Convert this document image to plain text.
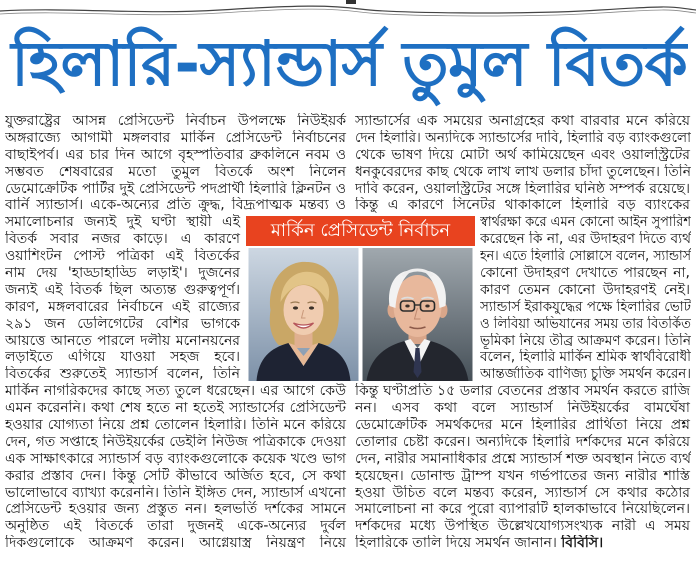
হিলারি-স্যান্ডার্স তুমুল বিতর্ক
যুক্তরাষ্ট্রের আসন্ন প্রেসিডেন্ট নির্বাচন উপলক্ষে নিউইয়র্ক
অঙ্গরাজ্যে আগামী মঙ্গলবার মার্কিন প্রেসিডেন্ট নির্বাচনের
বাছাইপর্ব। এর চার দিন আগে বৃহস্পতিবার ব্রুকলিনে নবম ও
সম্ভবত শেষবারের মতো তুমুল বিতর্কে অংশ নিলেন
ডেমোক্রেটিক পার্টির দুই প্রেসিডেন্ট পদপ্রার্থী হিলারি ক্লিনটন ও
বার্নি স্যান্ডার্স। একে-অন্যের প্রতি ক্রুদ্ধ, বিদ্রূপাত্মক মন্তব্য ও
সমালোচনার জন্যই দুই ঘণ্টা স্থায়ী এই
বিতর্ক সবার নজর কাড়ে। এ কারণে
ওয়াশিংটন পোস্ট পত্রিকা এই বিতর্কের
নাম দেয় 'হাড্ডাহাড্ডি লড়াই'। দুজনের
জন্যই এই বিতর্ক ছিল অত্যন্ত গুরুত্বপূর্ণ।
কারণ, মঙ্গলবারের নির্বাচনে এই রাজ্যের
২৯১ জন ডেলিগেটের বেশির ভাগকে
আয়ত্তে আনতে পারলে দলীয় মনোনয়নের
লড়াইতে এগিয়ে যাওয়া সহজ হবে।
বিতর্কের শুরুতেই স্যান্ডার্স বলেন, তিনি
মার্কিন নাগরিকদের কাছে সত্য তুলে ধরেছেন। এর আগে কেউ
এমন করেননি। কথা শেষ হতে না হতেই স্যান্ডার্সের প্রেসিডেন্ট
হওয়ার যোগ্যতা নিয়ে প্রশ্ন তোলেন হিলারি। তিনি মনে করিয়ে
দেন, গত সপ্তাহে নিউইয়র্কের ডেইলি নিউজ পত্রিকাকে দেওয়া
এক সাক্ষাৎকারে স্যান্ডার্স বড় ব্যাংকগুলোকে কয়েক খণ্ডে ভাগ
করার প্রস্তাব দেন। কিন্তু সেটি কীভাবে অর্জিত হবে, সে কথা
ভালোভাবে ব্যাখ্যা করেননি। তিনি ইঙ্গিত দেন, স্যান্ডার্স এখনো
প্রেসিডেন্ট হওয়ার জন্য প্রস্তুত নন। হলভর্তি দর্শকের সামনে
অনুষ্ঠিত এই বিতর্কে তারা দুজনই একে-অন্যের দুর্বল
দিকগুলোকে আক্রমণ করেন। আগ্নেয়াস্ত্র নিয়ন্ত্রণ নিয়ে
স্যান্ডার্সের এক সময়ের অনাগ্রহের কথা বারবার মনে করিয়ে
দেন হিলারি। অন্যদিকে স্যান্ডার্সের দাবি, হিলারি বড় ব্যাংকগুলো
থেকে ভাষণ দিয়ে মোটা অর্থ কামিয়েছেন এবং ওয়ালস্ট্রিটের
ধনকুবেরদের কাছ থেকে লাখ লাখ ডলার চাঁদা তুলেছেন। তিনি
দাবি করেন, ওয়ালস্ট্রিটের সঙ্গে হিলারির ঘনিষ্ঠ সম্পর্ক রয়েছে।
কিন্তু এ কারণে সিনেটর থাকাকালে হিলারি বড় ব্যাংকের
স্বার্থরক্ষা করে এমন কোনো আইন সুপারিশ
করেছেন কি না, এর উদাহরণ দিতে ব্যর্থ
হন। এতে হিলারি সোল্লাসে বলেন, স্যান্ডার্স
কোনো উদাহরণ দেখাতে পারছেন না,
কারণ তেমন কোনো উদাহরণই নেই।
স্যান্ডার্স ইরাকযুদ্ধের পক্ষে হিলারির ভোট
ও লিবিয়া অভিযানের সময় তার বিতর্কিত
ভূমিকা নিয়ে তীব্র আক্রমণ করেন। তিনি
বলেন, হিলারি মার্কিন শ্রমিক স্বার্থবিরোধী
আন্তর্জাতিক বাণিজ্য চুক্তি সমর্থন করেন।
কিন্তু ঘণ্টাপ্রতি ১৫ ডলার বেতনের প্রস্তাব সমর্থন করতে রাজি
নন। এসব কথা বলে স্যান্ডার্স নিউইয়র্কের বামঘেঁষা
ডেমোক্রেটিক সমর্থকদের মনে হিলারির প্রার্থিতা নিয়ে প্রশ্ন
তোলার চেষ্টা করেন। অন্যদিকে হিলারি দর্শকদের মনে করিয়ে
দেন, নারীর সমানাধিকার প্রশ্নে স্যান্ডার্স শক্ত অবস্থান নিতে ব্যর্থ
হয়েছেন। ডোনাল্ড ট্রাম্প যখন গর্ভপাতের জন্য নারীর শাস্তি
হওয়া উচিত বলে মন্তব্য করেন, স্যান্ডার্স সে কথার কঠোর
সমালোচনা না করে পুরো ব্যাপারটি হালকাভাবে নিয়েছিলেন।
দর্শকদের মধ্যে উপস্থিত উল্লেখযোগ্যসংখ্যক নারী এ সময়
হিলারিকে তালি দিয়ে সমর্থন জানান। বিবিসি।
মার্কিন প্রেসিডেন্ট নির্বাচন
